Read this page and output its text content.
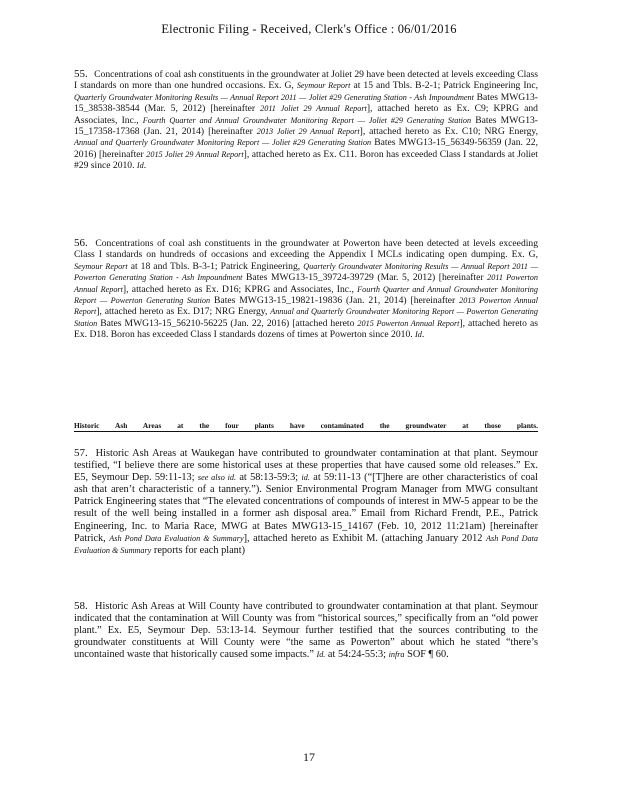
Electronic Filing - Received, Clerk's Office : 06/01/2016
55. Concentrations of coal ash constituents in the groundwater at Joliet 29 have been detected at levels exceeding Class I standards on more than one hundred occasions. Ex. G, Seymour Report at 15 and Tbls. B-2-1; Patrick Engineering Inc, Quarterly Groundwater Monitoring Results — Annual Report 2011 — Joliet #29 Generating Station - Ash Impoundment Bates MWG13-15_38538-38544 (Mar. 5, 2012) [hereinafter 2011 Joliet 29 Annual Report], attached hereto as Ex. C9; KPRG and Associates, Inc., Fourth Quarter and Annual Groundwater Monitoring Report — Joliet #29 Generating Station Bates MWG13-15_17358-17368 (Jan. 21, 2014) [hereinafter 2013 Joliet 29 Annual Report], attached hereto as Ex. C10; NRG Energy, Annual and Quarterly Groundwater Monitoring Report — Joliet #29 Generating Station Bates MWG13-15_56349-56359 (Jan. 22, 2016) [hereinafter 2015 Joliet 29 Annual Report], attached hereto as Ex. C11. Boron has exceeded Class I standards at Joliet #29 since 2010. Id.
56. Concentrations of coal ash constituents in the groundwater at Powerton have been detected at levels exceeding Class I standards on hundreds of occasions and exceeding the Appendix I MCLs indicating open dumping. Ex. G, Seymour Report at 18 and Tbls. B-3-1; Patrick Engineering, Quarterly Groundwater Monitoring Results — Annual Report 2011 — Powerton Generating Station - Ash Impoundment Bates MWG13-15_39724-39729 (Mar. 5, 2012) [hereinafter 2011 Powerton Annual Report], attached hereto as Ex. D16; KPRG and Associates, Inc., Fourth Quarter and Annual Groundwater Monitoring Report — Powerton Generating Station Bates MWG13-15_19821-19836 (Jan. 21, 2014) [hereinafter 2013 Powerton Annual Report], attached hereto as Ex. D17; NRG Energy, Annual and Quarterly Groundwater Monitoring Report — Powerton Generating Station Bates MWG13-15_56210-56225 (Jan. 22, 2016) [attached hereto 2015 Powerton Annual Report], attached hereto as Ex. D18. Boron has exceeded Class I standards dozens of times at Powerton since 2010. Id.
Historic Ash Areas at the four plants have contaminated the groundwater at those plants.
57. Historic Ash Areas at Waukegan have contributed to groundwater contamination at that plant. Seymour testified, “I believe there are some historical uses at these properties that have caused some old releases.” Ex. E5, Seymour Dep. 59:11-13; see also id. at 58:13-59:3; id. at 59:11-13 (“[T]here are other characteristics of coal ash that aren’t characteristic of a tannery.”). Senior Environmental Program Manager from MWG consultant Patrick Engineering states that “The elevated concentrations of compounds of interest in MW-5 appear to be the result of the well being installed in a former ash disposal area.” Email from Richard Frendt, P.E., Patrick Engineering, Inc. to Maria Race, MWG at Bates MWG13-15_14167 (Feb. 10, 2012 11:21am) [hereinafter Patrick, Ash Pond Data Evaluation & Summary], attached hereto as Exhibit M. (attaching January 2012 Ash Pond Data Evaluation & Summary reports for each plant)
58. Historic Ash Areas at Will County have contributed to groundwater contamination at that plant. Seymour indicated that the contamination at Will County was from “historical sources,” specifically from an “old power plant.” Ex. E5, Seymour Dep. 53:13-14. Seymour further testified that the sources contributing to the groundwater constituents at Will County were “the same as Powerton” about which he stated “there’s uncontained waste that historically caused some impacts.” Id. at 54:24-55:3; infra SOF ¶ 60.
17
